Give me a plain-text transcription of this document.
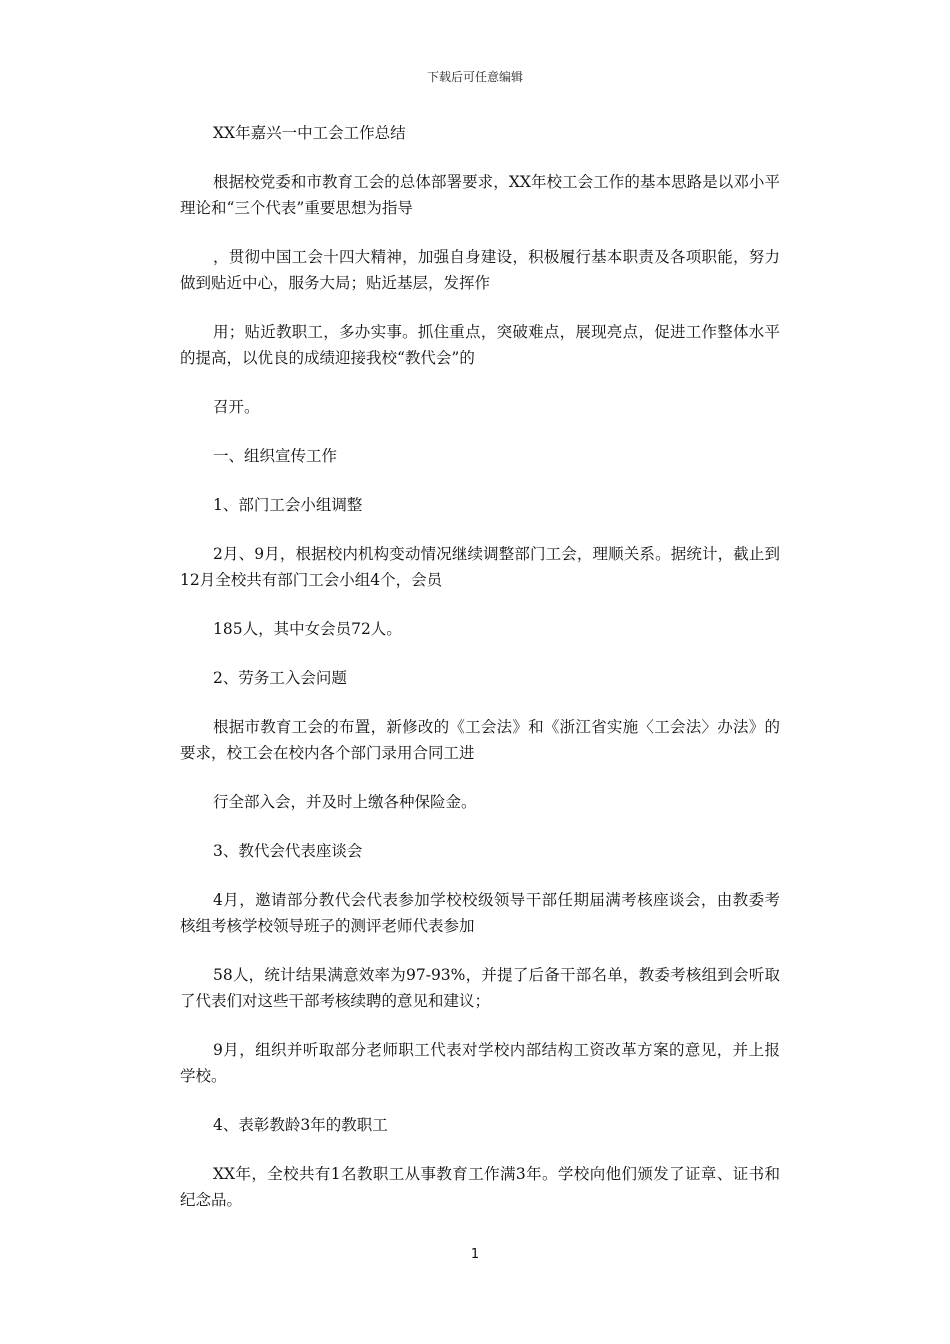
下载后可任意编辑

XX年嘉兴一中工会工作总结

根据校党委和市教育工会的总体部署要求，XX年校工会工作的基本思路是以邓小平理论和“三个代表”重要思想为指导

，贯彻中国工会十四大精神，加强自身建设，积极履行基本职责及各项职能，努力做到贴近中心，服务大局；贴近基层，发挥作

用；贴近教职工，多办实事。抓住重点，突破难点，展现亮点，促进工作整体水平的提高，以优良的成绩迎接我校“教代会”的

召开。

一、组织宣传工作

1、部门工会小组调整

2月、9月，根据校内机构变动情况继续调整部门工会，理顺关系。据统计，截止到12月全校共有部门工会小组4个，会员

185人，其中女会员72人。

2、劳务工入会问题

根据市教育工会的布置，新修改的《工会法》和《浙江省实施〈工会法〉办法》的要求，校工会在校内各个部门录用合同工进

行全部入会，并及时上缴各种保险金。

3、教代会代表座谈会

4月，邀请部分教代会代表参加学校校级领导干部任期届满考核座谈会，由教委考核组考核学校领导班子的测评老师代表参加

58人，统计结果满意效率为97-93%，并提了后备干部名单，教委考核组到会听取了代表们对这些干部考核续聘的意见和建议；

9月，组织并听取部分老师职工代表对学校内部结构工资改革方案的意见，并上报学校。

4、表彰教龄3年的教职工

XX年，全校共有1名教职工从事教育工作满3年。学校向他们颁发了证章、证书和纪念品。

1
